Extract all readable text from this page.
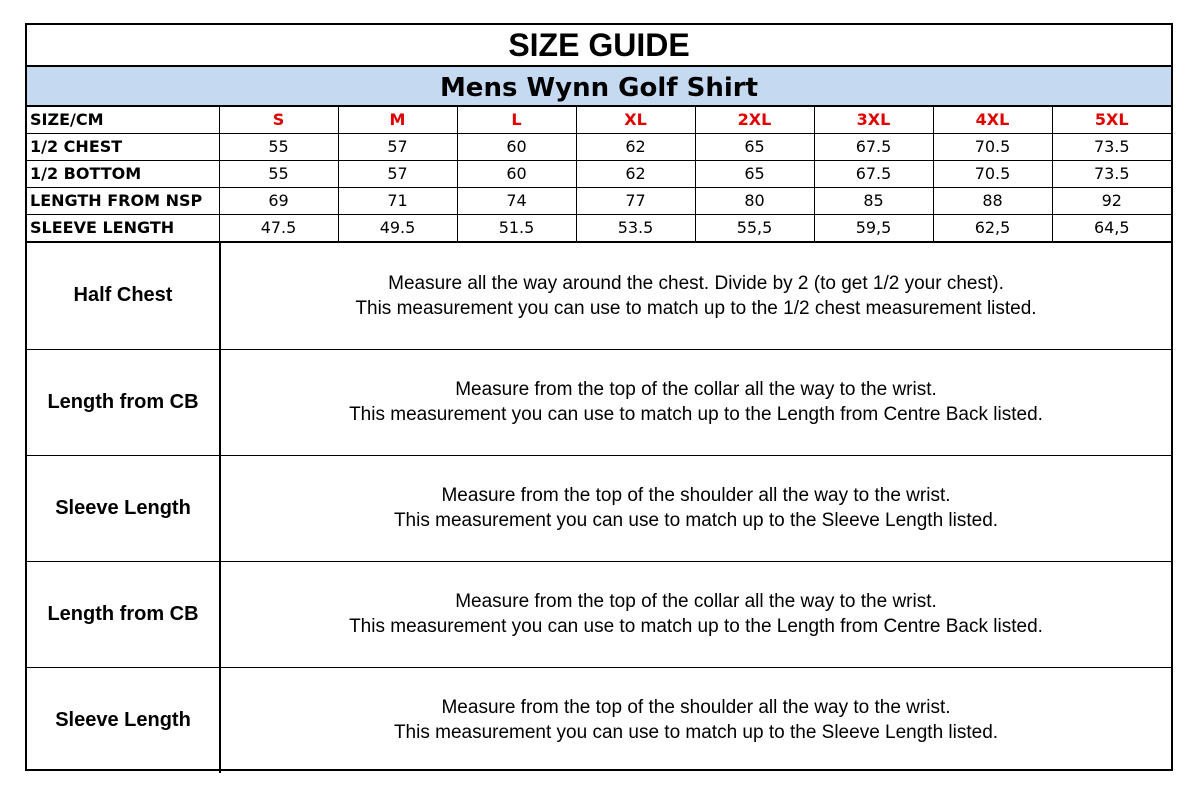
SIZE GUIDE
Mens Wynn Golf Shirt
SIZE/CM	S	M	L	XL	2XL	3XL	4XL	5XL
1/2 CHEST	55	57	60	62	65	67.5	70.5	73.5
1/2 BOTTOM	55	57	60	62	65	67.5	70.5	73.5
LENGTH FROM NSP	69	71	74	77	80	85	88	92
SLEEVE LENGTH	47.5	49.5	51.5	53.5	55,5	59,5	62,5	64,5
Half Chest	Measure all the way around the chest. Divide by 2 (to get 1/2 your chest).
This measurement you can use to match up to the 1/2 chest measurement listed.

Length from CB	Measure from the top of the collar all the way to the wrist.
This measurement you can use to match up to the Length from Centre Back listed.

Sleeve Length	Measure from the top of the shoulder all the way to the wrist.
This measurement you can use to match up to the Sleeve Length listed.

Length from CB	Measure from the top of the collar all the way to the wrist.
This measurement you can use to match up to the Length from Centre Back listed.

Sleeve Length	Measure from the top of the shoulder all the way to the wrist.
This measurement you can use to match up to the Sleeve Length listed.
